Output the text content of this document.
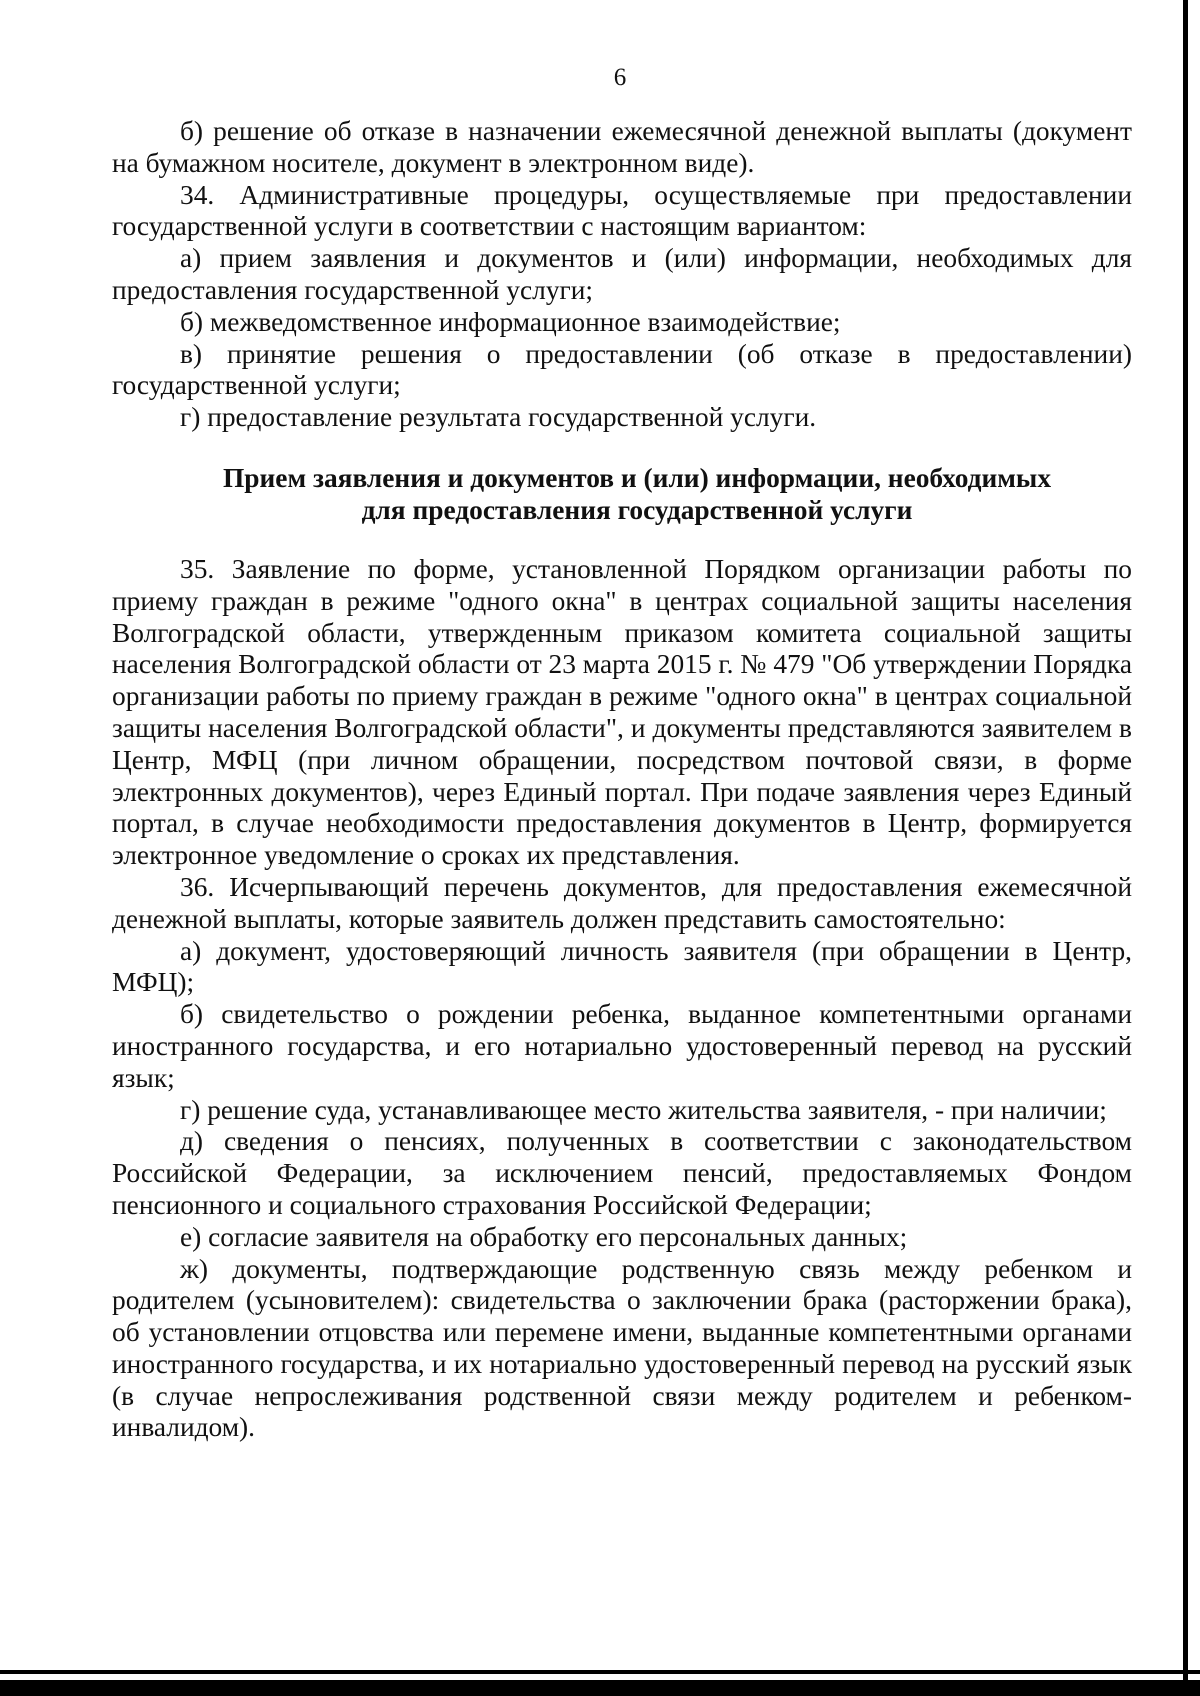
6

б) решение об отказе в назначении ежемесячной денежной выплаты (документ на бумажном носителе, документ в электронном виде).

34. Административные процедуры, осуществляемые при предоставлении государственной услуги в соответствии с настоящим вариантом:

а) прием заявления и документов и (или) информации, необходимых для предоставления государственной услуги;

б) межведомственное информационное взаимодействие;

в) принятие решения о предоставлении (об отказе в предоставлении) государственной услуги;

г) предоставление результата государственной услуги.

Прием заявления и документов и (или) информации, необходимых
для предоставления государственной услуги

35. Заявление по форме, установленной Порядком организации работы по приему граждан в режиме "одного окна" в центрах социальной защиты населения Волгоградской области, утвержденным приказом комитета социальной защиты населения Волгоградской области от 23 марта 2015 г. № 479 "Об утверждении Порядка организации работы по приему граждан в режиме "одного окна" в центрах социальной защиты населения Волгоградской области", и документы представляются заявителем в Центр, МФЦ (при личном обращении, посредством почтовой связи, в форме электронных документов), через Единый портал. При подаче заявления через Единый портал, в случае необходимости предоставления документов в Центр, формируется электронное уведомление о сроках их представления.

36. Исчерпывающий перечень документов, для предоставления ежемесячной денежной выплаты, которые заявитель должен представить самостоятельно:

а) документ, удостоверяющий личность заявителя (при обращении в Центр, МФЦ);

б) свидетельство о рождении ребенка, выданное компетентными органами иностранного государства, и его нотариально удостоверенный перевод на русский язык;

г) решение суда, устанавливающее место жительства заявителя, - при наличии;

д) сведения о пенсиях, полученных в соответствии с законодательством Российской Федерации, за исключением пенсий, предоставляемых Фондом пенсионного и социального страхования Российской Федерации;

е) согласие заявителя на обработку его персональных данных;

ж) документы, подтверждающие родственную связь между ребенком и родителем (усыновителем): свидетельства о заключении брака (расторжении брака), об установлении отцовства или перемене имени, выданные компетентными органами иностранного государства, и их нотариально удостоверенный перевод на русский язык (в случае непрослеживания родственной связи между родителем и ребенком-инвалидом).
